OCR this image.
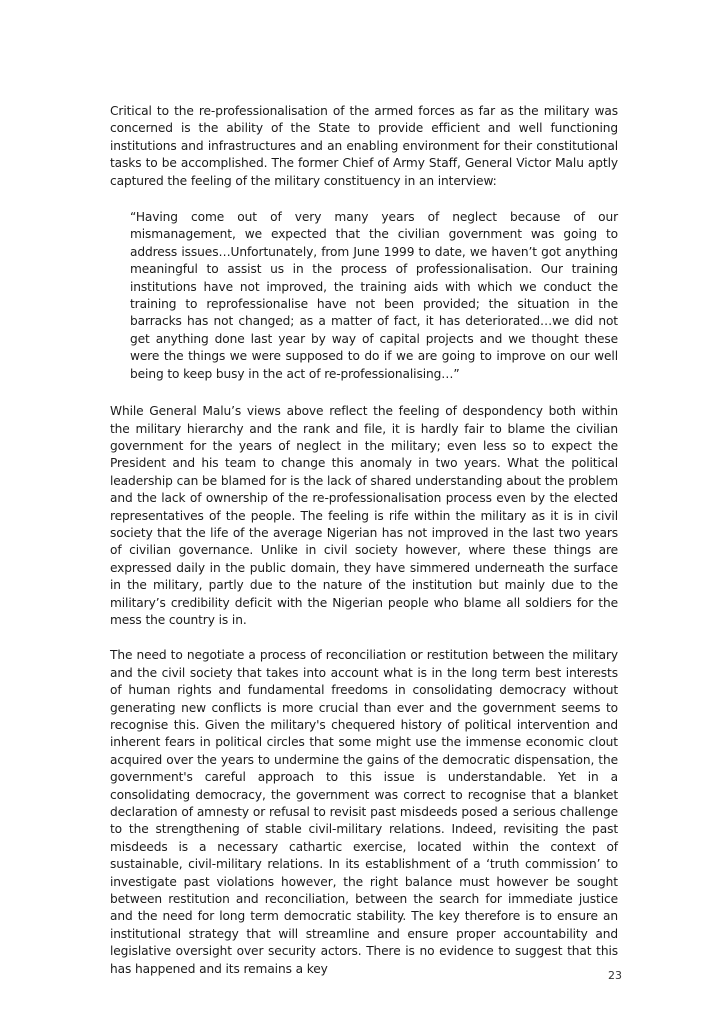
Critical to the re-professionalisation of the armed forces as far as the military was concerned is the ability of the State to provide efficient and well functioning institutions and infrastructures and an enabling environment for their constitutional tasks to be accomplished. The former Chief of Army Staff, General Victor Malu aptly captured the feeling of the military constituency in an interview:

“Having come out of very many years of neglect because of our mismanagement, we expected that the civilian government was going to address issues…Unfortunately, from June 1999 to date, we haven’t got anything meaningful to assist us in the process of professionalisation. Our training institutions have not improved, the training aids with which we conduct the training to reprofessionalise have not been provided; the situation in the barracks has not changed; as a matter of fact, it has deteriorated…we did not get anything done last year by way of capital projects and we thought these were the things we were supposed to do if we are going to improve on our well being to keep busy in the act of re-professionalising…”

While General Malu’s views above reflect the feeling of despondency both within the military hierarchy and the rank and file, it is hardly fair to blame the civilian government for the years of neglect in the military; even less so to expect the President and his team to change this anomaly in two years. What the political leadership can be blamed for is the lack of shared understanding about the problem and the lack of ownership of the re-professionalisation process even by the elected representatives of the people. The feeling is rife within the military as it is in civil society that the life of the average Nigerian has not improved in the last two years of civilian governance. Unlike in civil society however, where these things are expressed daily in the public domain, they have simmered underneath the surface in the military, partly due to the nature of the institution but mainly due to the military’s credibility deficit with the Nigerian people who blame all soldiers for the mess the country is in.

The need to negotiate a process of reconciliation or restitution between the military and the civil society that takes into account what is in the long term best interests of human rights and fundamental freedoms in consolidating democracy without generating new conflicts is more crucial than ever and the government seems to recognise this. Given the military's chequered history of political intervention and inherent fears in political circles that some might use the immense economic clout acquired over the years to undermine the gains of the democratic dispensation, the government's careful approach to this issue is understandable. Yet in a consolidating democracy, the government was correct to recognise that a blanket declaration of amnesty or refusal to revisit past misdeeds posed a serious challenge to the strengthening of stable civil-military relations. Indeed, revisiting the past misdeeds is a necessary cathartic exercise, located within the context of sustainable, civil-military relations. In its establishment of a ‘truth commission’ to investigate past violations however, the right balance must however be sought between restitution and reconciliation, between the search for immediate justice and the need for long term democratic stability. The key therefore is to ensure an institutional strategy that will streamline and ensure proper accountability and legislative oversight over security actors. There is no evidence to suggest that this has happened and its remains a key	23
